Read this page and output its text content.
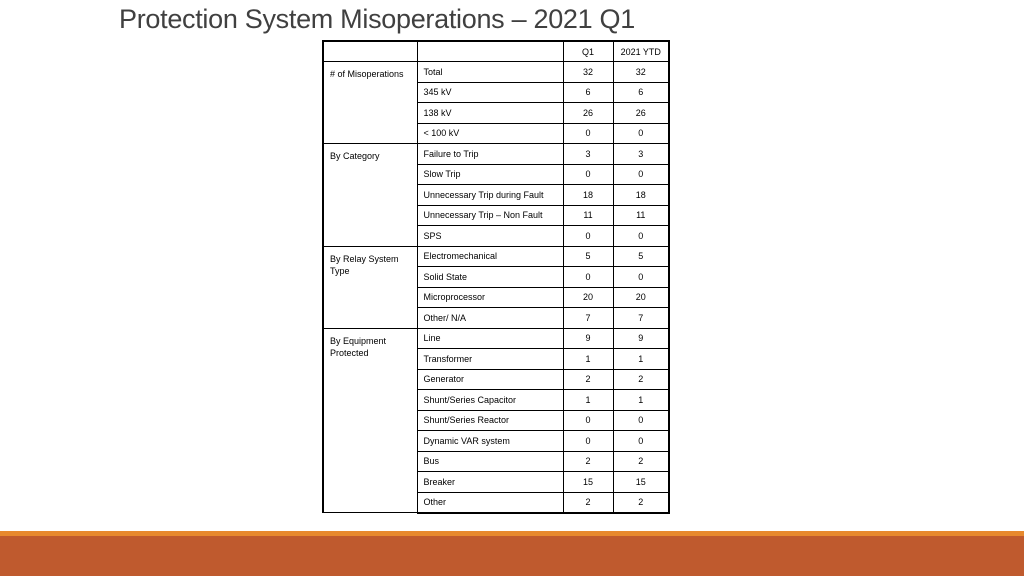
Protection System Misoperations – 2021 Q1
		Q1	2021 YTD
# of Misoperations	Total	32	32
	345 kV	6	6
	138 kV	26	26
	< 100 kV	0	0
By Category	Failure to Trip	3	3
	Slow Trip	0	0
	Unnecessary Trip during Fault	18	18
	Unnecessary Trip – Non Fault	11	11
	SPS	0	0
By Relay System Type	Electromechanical	5	5
	Solid State	0	0
	Microprocessor	20	20
	Other/ N/A	7	7
By Equipment Protected	Line	9	9
	Transformer	1	1
	Generator	2	2
	Shunt/Series Capacitor	1	1
	Shunt/Series Reactor	0	0
	Dynamic VAR system	0	0
	Bus	2	2
	Breaker	15	15
	Other	2	2
